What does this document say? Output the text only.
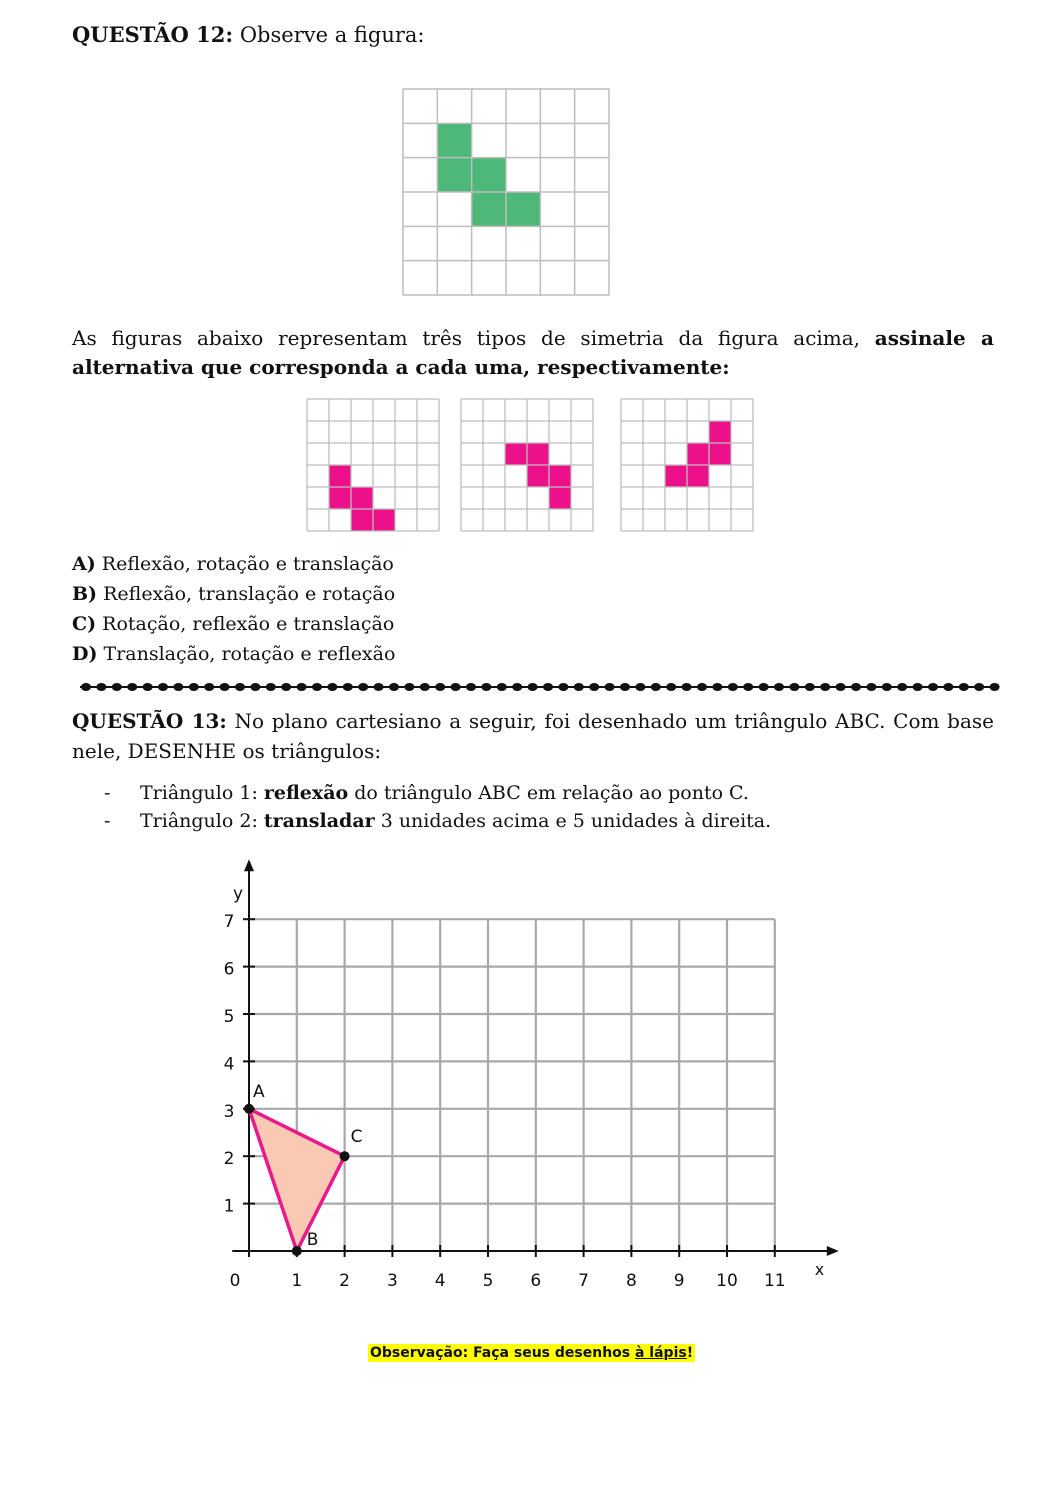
QUESTÃO 12: Observe a figura:
As figuras abaixo representam três tipos de simetria da figura acima, assinale a alternativa que corresponda a cada uma, respectivamente:
A) Reflexão, rotação e translação
B) Reflexão, translação e rotação
C) Rotação, reflexão e translação
D) Translação, rotação e reflexão
QUESTÃO 13: No plano cartesiano a seguir, foi desenhado um triângulo ABC. Com base nele, DESENHE os triângulos:
- Triângulo 1: reflexão do triângulo ABC em relação ao ponto C.
- Triângulo 2: transladar 3 unidades acima e 5 unidades à direita.
x
y
0	1 2 3 4 5 6 7 8 9 10 11
1
2
3
4
5
6
7
A
B
C
Observação: Faça seus desenhos à lápis!
